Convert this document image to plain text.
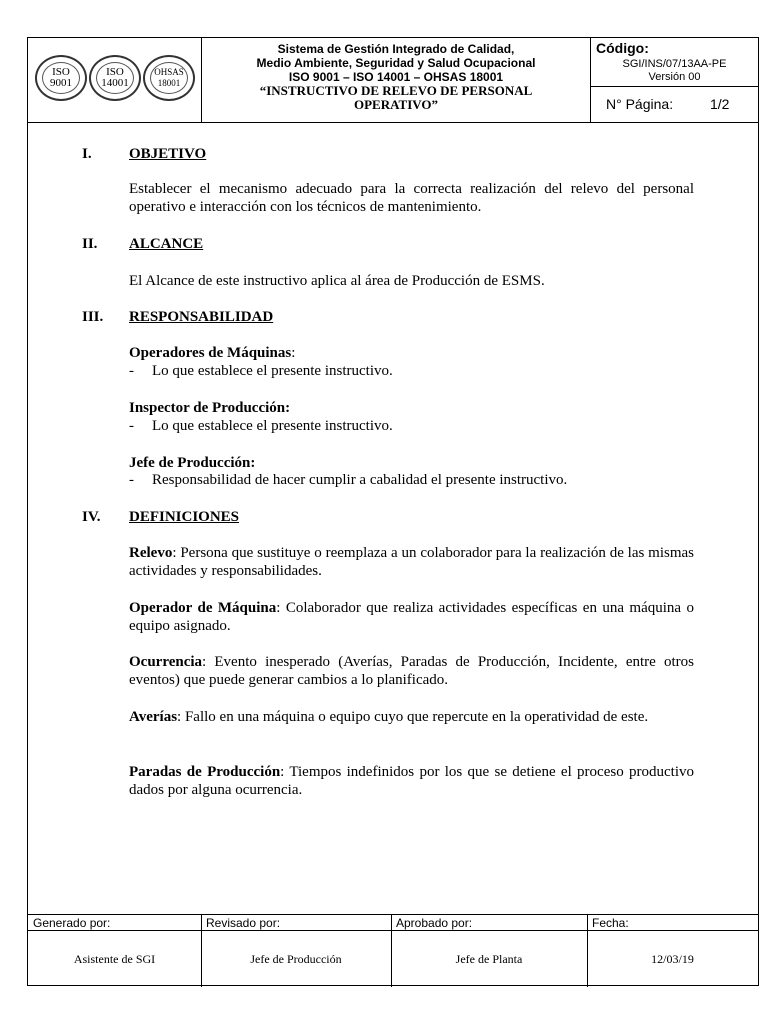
ISO
9001
ISO
14001
OHSAS
18001
Sistema de Gestión Integrado de Calidad,
Medio Ambiente, Seguridad y Salud Ocupacional
ISO 9001 – ISO 14001 – OHSAS 18001
“INSTRUCTIVO DE RELEVO DE PERSONAL
OPERATIVO”
Código:
SGI/INS/07/13AA-PE
Versión 00
N° Página:	1/2
I. OBJETIVO
Establecer el mecanismo adecuado para la correcta realización del relevo del personal operativo e interacción con los técnicos de mantenimiento.
II. ALCANCE
El Alcance de este instructivo aplica al área de Producción de ESMS.
III. RESPONSABILIDAD
Operadores de Máquinas:
- Lo que establece el presente instructivo.
Inspector de Producción:
- Lo que establece el presente instructivo.
Jefe de Producción:
- Responsabilidad de hacer cumplir a cabalidad el presente instructivo.
IV. DEFINICIONES
Relevo: Persona que sustituye o reemplaza a un colaborador para la realización de las mismas actividades y responsabilidades.
Operador de Máquina: Colaborador que realiza actividades específicas en una máquina o equipo asignado.
Ocurrencia: Evento inesperado (Averías, Paradas de Producción, Incidente, entre otros eventos) que puede generar cambios a lo planificado.
Averías: Fallo en una máquina o equipo cuyo que repercute en la operatividad de este.
Paradas de Producción: Tiempos indefinidos por los que se detiene el proceso productivo dados por alguna ocurrencia.
Generado por:
Asistente de SGI
Revisado por:
Jefe de Producción
Aprobado por:
Jefe de Planta
Fecha:
12/03/19
